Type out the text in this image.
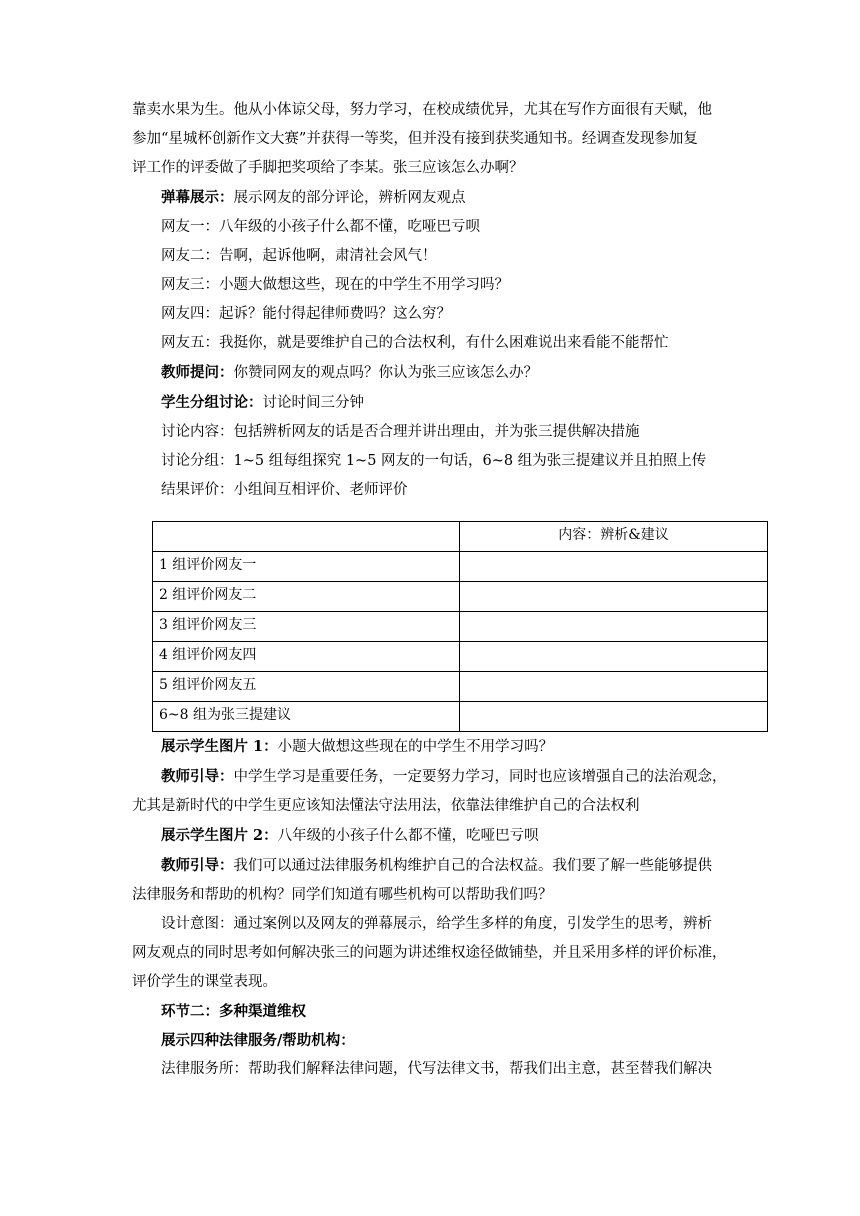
靠卖水果为生。他从小体谅父母，努力学习，在校成绩优异，尤其在写作方面很有天赋，他

参加“星城杯创新作文大赛”并获得一等奖，但并没有接到获奖通知书。经调查发现参加复

评工作的评委做了手脚把奖项给了李某。张三应该怎么办啊？

弹幕展示：展示网友的部分评论，辨析网友观点

网友一：八年级的小孩子什么都不懂，吃哑巴亏呗

网友二：告啊，起诉他啊，肃清社会风气！

网友三：小题大做想这些，现在的中学生不用学习吗？

网友四：起诉？能付得起律师费吗？这么穷？

网友五：我挺你，就是要维护自己的合法权利，有什么困难说出来看能不能帮忙

教师提问：你赞同网友的观点吗？你认为张三应该怎么办？

学生分组讨论：讨论时间三分钟

讨论内容：包括辨析网友的话是否合理并讲出理由，并为张三提供解决措施

讨论分组：1~5 组每组探究 1~5 网友的一句话，6~8 组为张三提建议并且拍照上传

结果评价：小组间互相评价、老师评价

	内容：辨析&建议
1 组评价网友一	
2 组评价网友二	
3 组评价网友三	
4 组评价网友四	
5 组评价网友五	
6~8 组为张三提建议	

展示学生图片 1：小题大做想这些现在的中学生不用学习吗？

教师引导：中学生学习是重要任务，一定要努力学习，同时也应该增强自己的法治观念，

尤其是新时代的中学生更应该知法懂法守法用法，依靠法律维护自己的合法权利

展示学生图片 2：八年级的小孩子什么都不懂，吃哑巴亏呗

教师引导：我们可以通过法律服务机构维护自己的合法权益。我们要了解一些能够提供

法律服务和帮助的机构？同学们知道有哪些机构可以帮助我们吗？

设计意图：通过案例以及网友的弹幕展示，给学生多样的角度，引发学生的思考，辨析

网友观点的同时思考如何解决张三的问题为讲述维权途径做铺垫，并且采用多样的评价标准，

评价学生的课堂表现。

环节二：多种渠道维权

展示四种法律服务/帮助机构：

法律服务所：帮助我们解释法律问题，代写法律文书，帮我们出主意，甚至替我们解决
